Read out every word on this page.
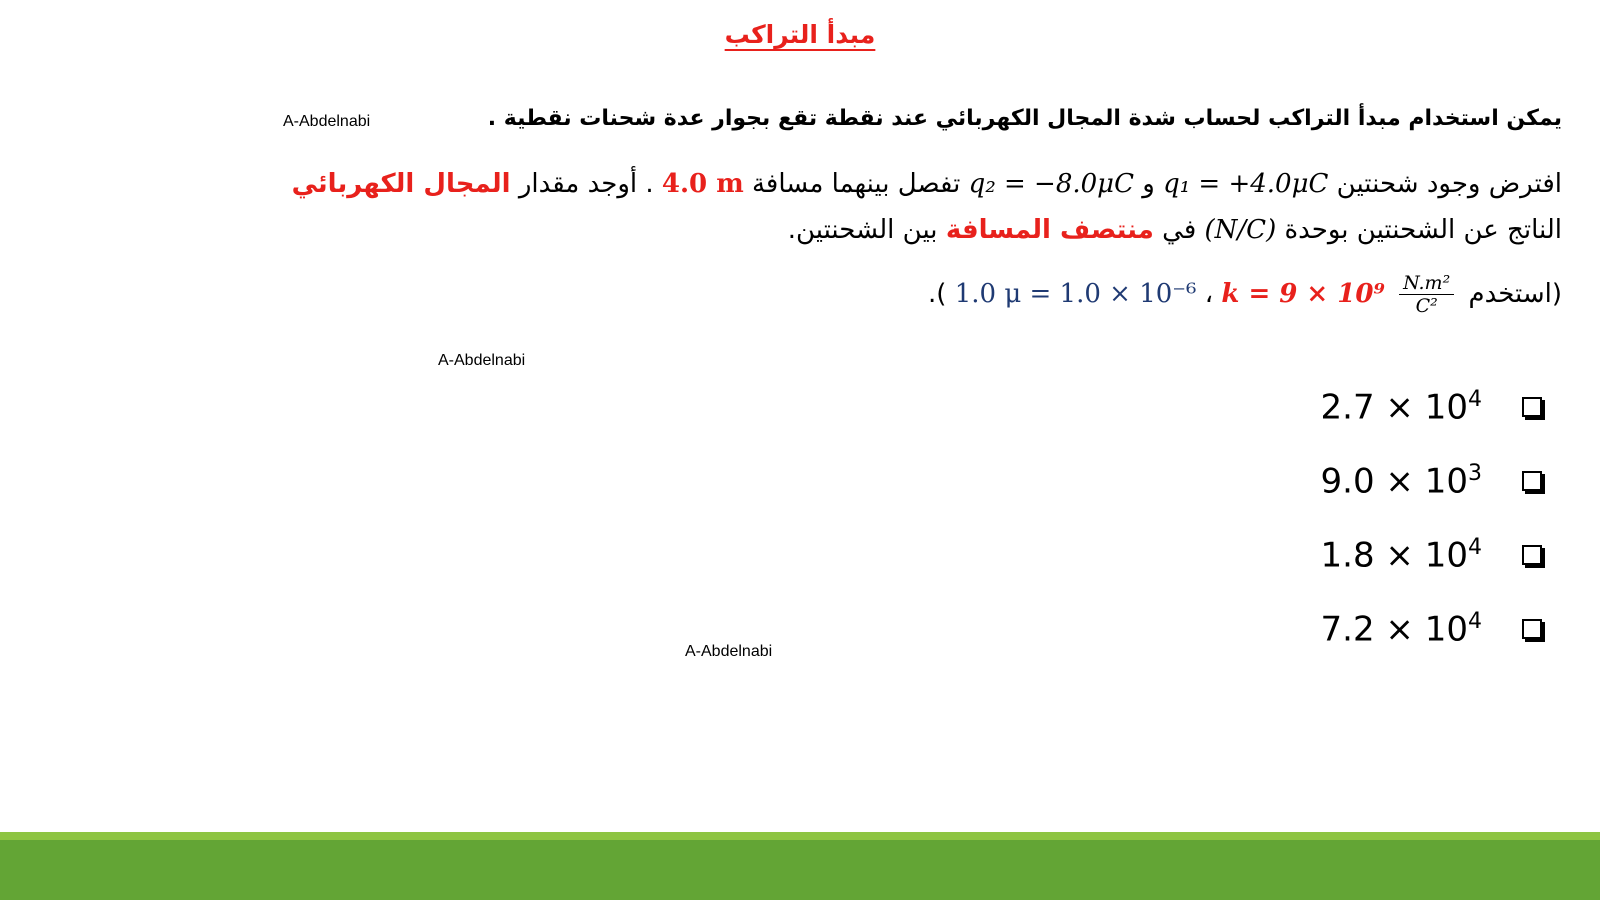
مبدأ التراكب
A-Abdelnabi
A-Abdelnabi
A-Abdelnabi
يمكن استخدام مبدأ التراكب لحساب شدة المجال الكهربائي عند نقطة تقع بجوار عدة شحنات نقطية .
افترض وجود شحنتين q₁ = +4.0μC و q₂ = −8.0μC تفصل بينهما مسافة 4.0 m . أوجد مقدار المجال الكهربائي
الناتج عن الشحنتين بوحدة (N/C) في منتصف المسافة بين الشحنتين.
(استخدم
$\frac{\text{N.m²}}{\text{C²}}$
k = 9 × 10⁹ ، 1.0 μ = 1.0 × 10⁻⁶ ).
$2.7 \times 10^4$
$9.0 \times 10^3$
$1.8 \times 10^4$
$7.2 \times 10^4$
